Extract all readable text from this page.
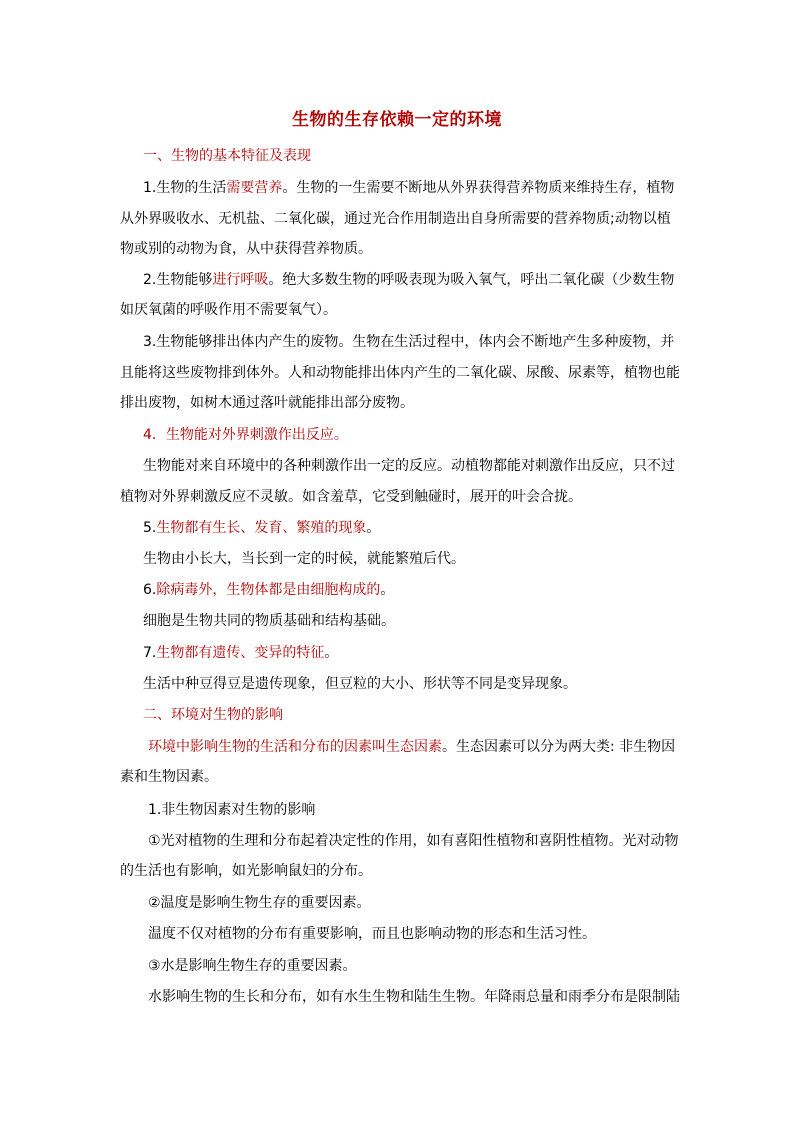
生物的生存依赖一定的环境
一、生物的基本特征及表现
1.生物的生活需要营养。生物的一生需要不断地从外界获得营养物质来维持生存，植物
从外界吸收水、无机盐、二氧化碳，通过光合作用制造出自身所需要的营养物质;动物以植
物或别的动物为食，从中获得营养物质。
2.生物能够进行呼吸。绝大多数生物的呼吸表现为吸入氧气，呼出二氧化碳（少数生物
如厌氧菌的呼吸作用不需要氧气）。
3.生物能够排出体内产生的废物。生物在生活过程中，体内会不断地产生多种废物，并
且能将这些废物排到体外。人和动物能排出体内产生的二氧化碳、尿酸、尿素等，植物也能
排出废物，如树木通过落叶就能排出部分废物。
4．生物能对外界刺激作出反应。
生物能对来自环境中的各种刺激作出一定的反应。动植物都能对刺激作出反应，只不过
植物对外界刺激反应不灵敏。如含羞草，它受到触碰时，展开的叶会合拢。
5.生物都有生长、发育、繁殖的现象。
生物由小长大，当长到一定的时候，就能繁殖后代。
6.除病毒外，生物体都是由细胞构成的。
细胞是生物共同的物质基础和结构基础。
7.生物都有遗传、变异的特征。
生活中种豆得豆是遗传现象，但豆粒的大小、形状等不同是变异现象。
二、环境对生物的影响
环境中影响生物的生活和分布的因素叫生态因素。生态因素可以分为两大类: 非生物因
素和生物因素。
1.非生物因素对生物的影响
①光对植物的生理和分布起着决定性的作用，如有喜阳性植物和喜阴性植物。光对动物
的生活也有影响，如光影响鼠妇的分布。
②温度是影响生物生存的重要因素。
温度不仅对植物的分布有重要影响，而且也影响动物的形态和生活习性。
③水是影响生物生存的重要因素。
水影响生物的生长和分布，如有水生生物和陆生生物。年降雨总量和雨季分布是限制陆
